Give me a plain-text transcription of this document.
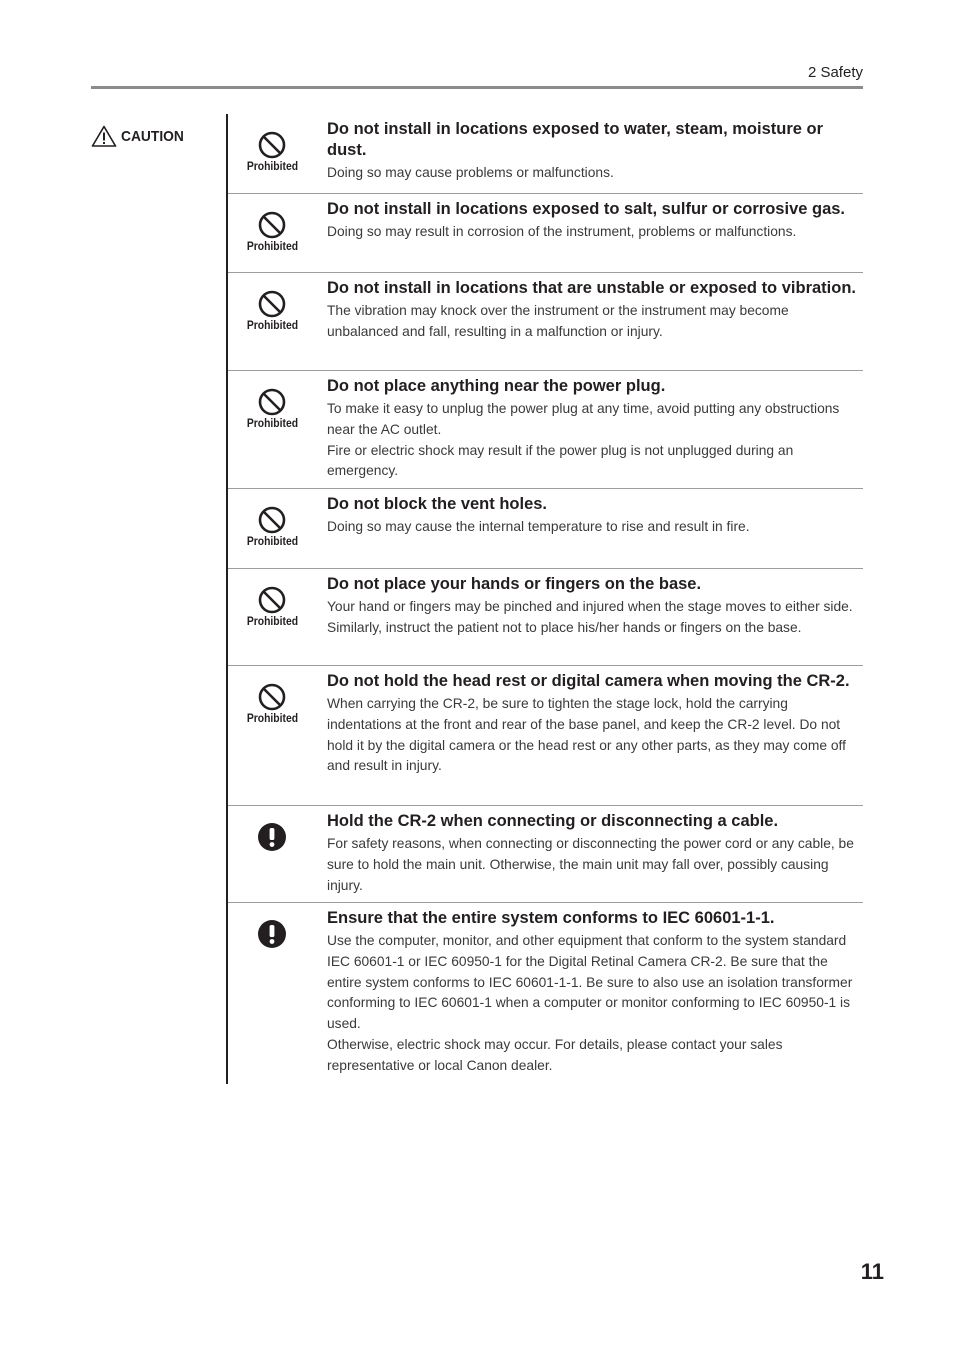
2 Safety
CAUTION
Prohibited
Do not install in locations exposed to water, steam, moisture or dust.

Doing so may cause problems or malfunctions.

Prohibited
Do not install in locations exposed to salt, sulfur or corrosive gas.

Doing so may result in corrosion of the instrument, problems or malfunctions.

Prohibited
Do not install in locations that are unstable or exposed to vibration.

The vibration may knock over the instrument or the instrument may become unbalanced and fall, resulting in a malfunction or injury.

Prohibited
Do not place anything near the power plug.

To make it easy to unplug the power plug at any time, avoid putting any obstructions near the AC outlet.

Fire or electric shock may result if the power plug is not unplugged during an emergency.

Prohibited
Do not block the vent holes.

Doing so may cause the internal temperature to rise and result in fire.

Prohibited
Do not place your hands or fingers on the base.

Your hand or fingers may be pinched and injured when the stage moves to either side.

Similarly, instruct the patient not to place his/her hands or fingers on the base.

Prohibited
Do not hold the head rest or digital camera when moving the CR-2.

When carrying the CR-2, be sure to tighten the stage lock, hold the carrying indentations at the front and rear of the base panel, and keep the CR-2 level. Do not hold it by the digital camera or the head rest or any other parts, as they may come off and result in injury.

Hold the CR-2 when connecting or disconnecting a cable.

For safety reasons, when connecting or disconnecting the power cord or any cable, be sure to hold the main unit. Otherwise, the main unit may fall over, possibly causing injury.

Ensure that the entire system conforms to IEC 60601-1-1.

Use the computer, monitor, and other equipment that conform to the system standard IEC 60601-1 or IEC 60950-1 for the Digital Retinal Camera CR-2. Be sure that the entire system conforms to IEC 60601-1-1. Be sure to also use an isolation transformer conforming to IEC 60601-1 when a computer or monitor conforming to IEC 60950-1 is used.

Otherwise, electric shock may occur. For details, please contact your sales representative or local Canon dealer.

11
